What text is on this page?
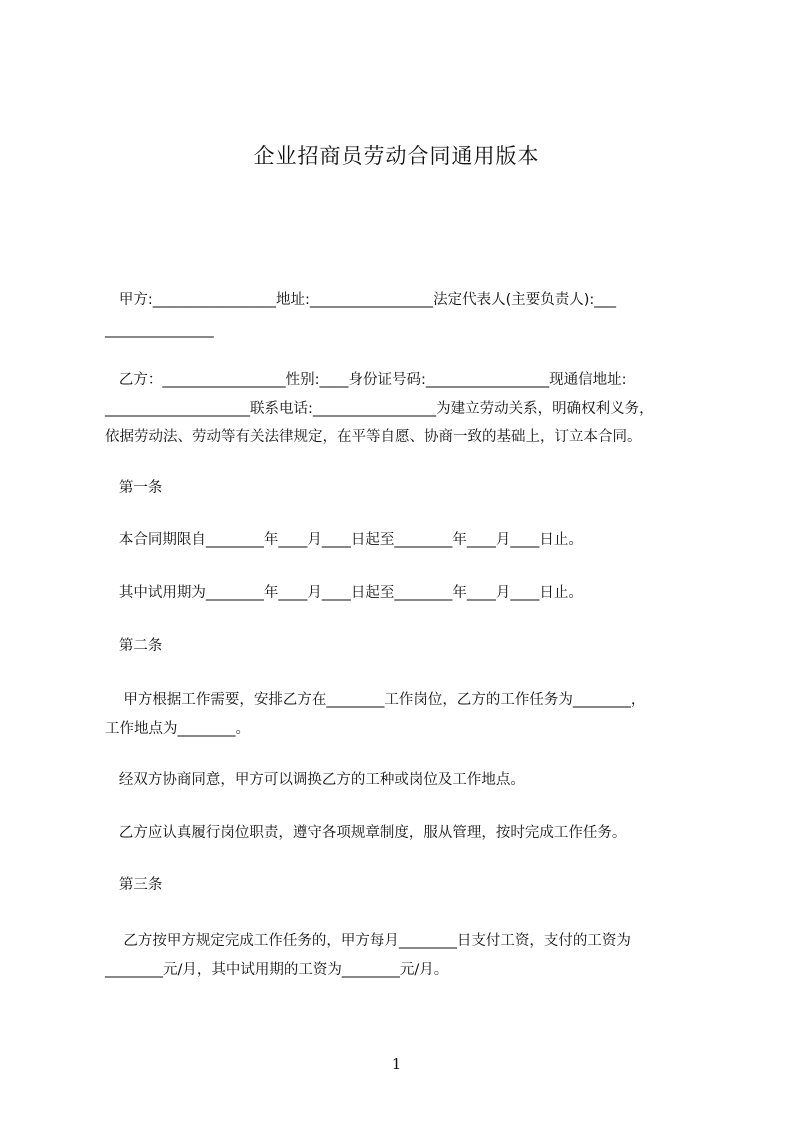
企业招商员劳动合同通用版本
甲方:_________________地址:_________________法定代表人(主要负责人):___
_______________
乙方：_________________性别:____身份证号码:_________________现通信地址:
____________________联系电话:_________________为建立劳动关系，明确权利义务，
依据劳动法、劳动等有关法律规定，在平等自愿、协商一致的基础上，订立本合同。
第一条
本合同期限自________年____月____日起至________年____月____日止。
其中试用期为________年____月____日起至________年____月____日止。
第二条
甲方根据工作需要，安排乙方在________工作岗位，乙方的工作任务为________，
工作地点为________。
经双方协商同意，甲方可以调换乙方的工种或岗位及工作地点。
乙方应认真履行岗位职责，遵守各项规章制度，服从管理，按时完成工作任务。
第三条
乙方按甲方规定完成工作任务的，甲方每月________日支付工资，支付的工资为
________元/月，其中试用期的工资为________元/月。
1
